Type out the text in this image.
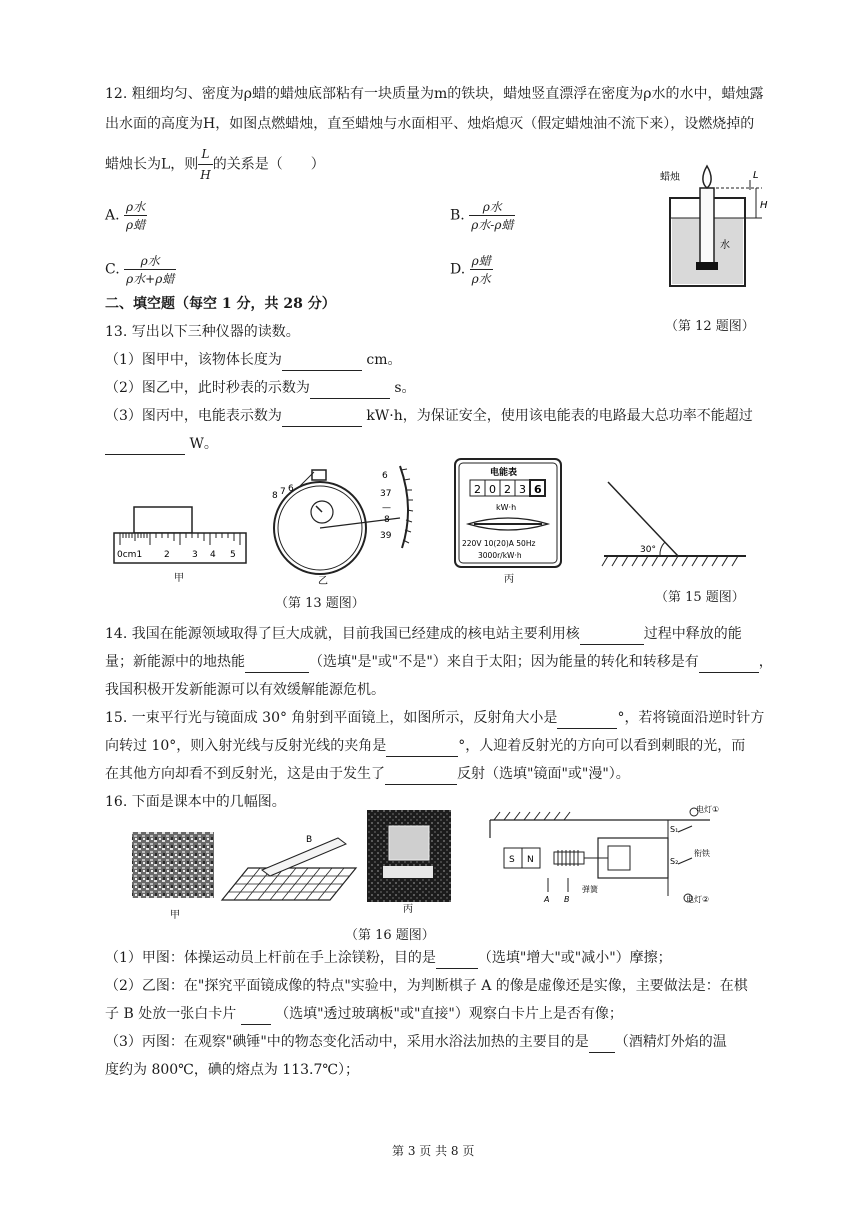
12. 粗细均匀、密度为ρ蜡的蜡烛底部粘有一块质量为m的铁块，蜡烛竖直漂浮在密度为ρ水的水中，蜡烛露
出水面的高度为H，如图点燃蜡烛，直至蜡烛与水面相平、烛焰熄灭（假定蜡烛油不流下来），设燃烧掉的
蜡烛长为L，则 $\frac{L}{H}$ 的关系是（　　）
A. $\frac{\text{ρ水}}{\text{ρ蜡}}$	B. $\frac{\text{ρ水}}{\text{ρ水-ρ蜡}}$
C. $\frac{\text{ρ水}}{\text{ρ水+ρ蜡}}$	D. $\frac{\text{ρ蜡}}{\text{ρ水}}$
蜡烛	L
H
水
（第 12 题图）
二、填空题（每空 1 分，共 28 分）
13. 写出以下三种仪器的读数。
（1）图甲中，该物体长度为	cm。
（2）图乙中，此时秒表的示数为	s。
（3）图丙中，电能表示数为	kW·h，为保证安全，使用该电能表的电路最大总功率不能超过
W。
0cm1 2 3 4 5
甲
8 7 6
6
37
—
8
39
乙
电能表
2 0 2 3 6
kW·h
220V 10(20)A 50Hz
3000r/kW·h
丙
（第 13 题图）
30°
（第 15 题图）
14. 我国在能源领域取得了巨大成就，目前我国已经建成的核电站主要利用核	过程中释放的能
量；新能源中的地热能	（选填"是"或"不是"）来自于太阳；因为能量的转化和转移是有	，
我国积极开发新能源可以有效缓解能源危机。
15. 一束平行光与镜面成 30° 角射到平面镜上，如图所示，反射角大小是	°，若将镜面沿逆时针方
向转过 10°，则入射光线与反射光线的夹角是	°，人迎着反射光的方向可以看到刺眼的光，而
在其他方向却看不到反射光，这是由于发生了	反射（选填"镜面"或"漫"）。
16. 下面是课本中的几幅图。
甲
B
丙
S N
S₁
S₂
A B
弹簧
衔铁
电灯①
电灯②
（第 16 题图）
（1）甲图：体操运动员上杆前在手上涂镁粉，目的是	（选填"增大"或"减小"）摩擦；
（2）乙图：在"探究平面镜成像的特点"实验中，为判断棋子 A 的像是虚像还是实像，主要做法是：在棋
子 B 处放一张白卡片	（选填"透过玻璃板"或"直接"）观察白卡片上是否有像；
（3）丙图：在观察"碘锤"中的物态变化活动中，采用水浴法加热的主要目的是 （酒精灯外焰的温
度约为 800℃，碘的熔点为 113.7℃）；
第 3 页 共 8 页
